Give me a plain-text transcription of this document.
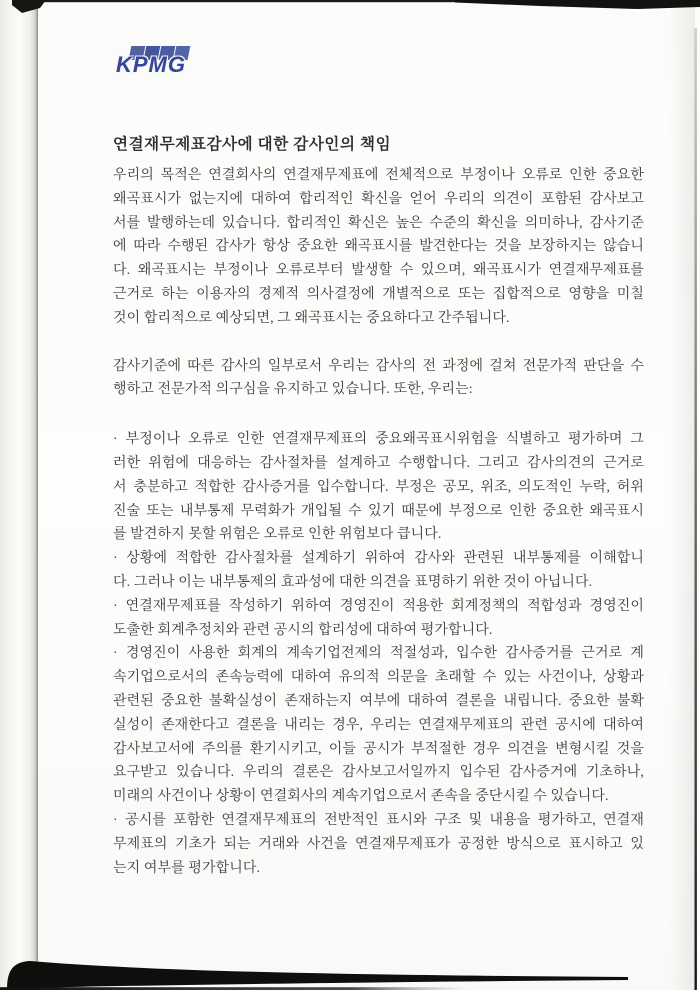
KPMG
연결재무제표감사에 대한 감사인의 책임
우리의 목적은 연결회사의 연결재무제표에 전체적으로 부정이나 오류로 인한 중요한
왜곡표시가 없는지에 대하여 합리적인 확신을 얻어 우리의 의견이 포함된 감사보고
서를 발행하는데 있습니다. 합리적인 확신은 높은 수준의 확신을 의미하나, 감사기준
에 따라 수행된 감사가 항상 중요한 왜곡표시를 발견한다는 것을 보장하지는 않습니
다. 왜곡표시는 부정이나 오류로부터 발생할 수 있으며, 왜곡표시가 연결재무제표를
근거로 하는 이용자의 경제적 의사결정에 개별적으로 또는 집합적으로 영향을 미칠
것이 합리적으로 예상되면, 그 왜곡표시는 중요하다고 간주됩니다.
감사기준에 따른 감사의 일부로서 우리는 감사의 전 과정에 걸쳐 전문가적 판단을 수
행하고 전문가적 의구심을 유지하고 있습니다. 또한, 우리는:
· 부정이나 오류로 인한 연결재무제표의 중요왜곡표시위험을 식별하고 평가하며 그
러한 위험에 대응하는 감사절차를 설계하고 수행합니다. 그리고 감사의견의 근거로
서 충분하고 적합한 감사증거를 입수합니다. 부정은 공모, 위조, 의도적인 누락, 허위
진술 또는 내부통제 무력화가 개입될 수 있기 때문에 부정으로 인한 중요한 왜곡표시
를 발견하지 못할 위험은 오류로 인한 위험보다 큽니다.
· 상황에 적합한 감사절차를 설계하기 위하여 감사와 관련된 내부통제를 이해합니
다. 그러나 이는 내부통제의 효과성에 대한 의견을 표명하기 위한 것이 아닙니다.
· 연결재무제표를 작성하기 위하여 경영진이 적용한 회계정책의 적합성과 경영진이
도출한 회계추정치와 관련 공시의 합리성에 대하여 평가합니다.
· 경영진이 사용한 회계의 계속기업전제의 적절성과, 입수한 감사증거를 근거로 계
속기업으로서의 존속능력에 대하여 유의적 의문을 초래할 수 있는 사건이나, 상황과
관련된 중요한 불확실성이 존재하는지 여부에 대하여 결론을 내립니다. 중요한 불확
실성이 존재한다고 결론을 내리는 경우, 우리는 연결재무제표의 관련 공시에 대하여
감사보고서에 주의를 환기시키고, 이들 공시가 부적절한 경우 의견을 변형시킬 것을
요구받고 있습니다. 우리의 결론은 감사보고서일까지 입수된 감사증거에 기초하나,
미래의 사건이나 상황이 연결회사의 계속기업으로서 존속을 중단시킬 수 있습니다.
· 공시를 포함한 연결재무제표의 전반적인 표시와 구조 및 내용을 평가하고, 연결재
무제표의 기초가 되는 거래와 사건을 연결재무제표가 공정한 방식으로 표시하고 있
는지 여부를 평가합니다.
